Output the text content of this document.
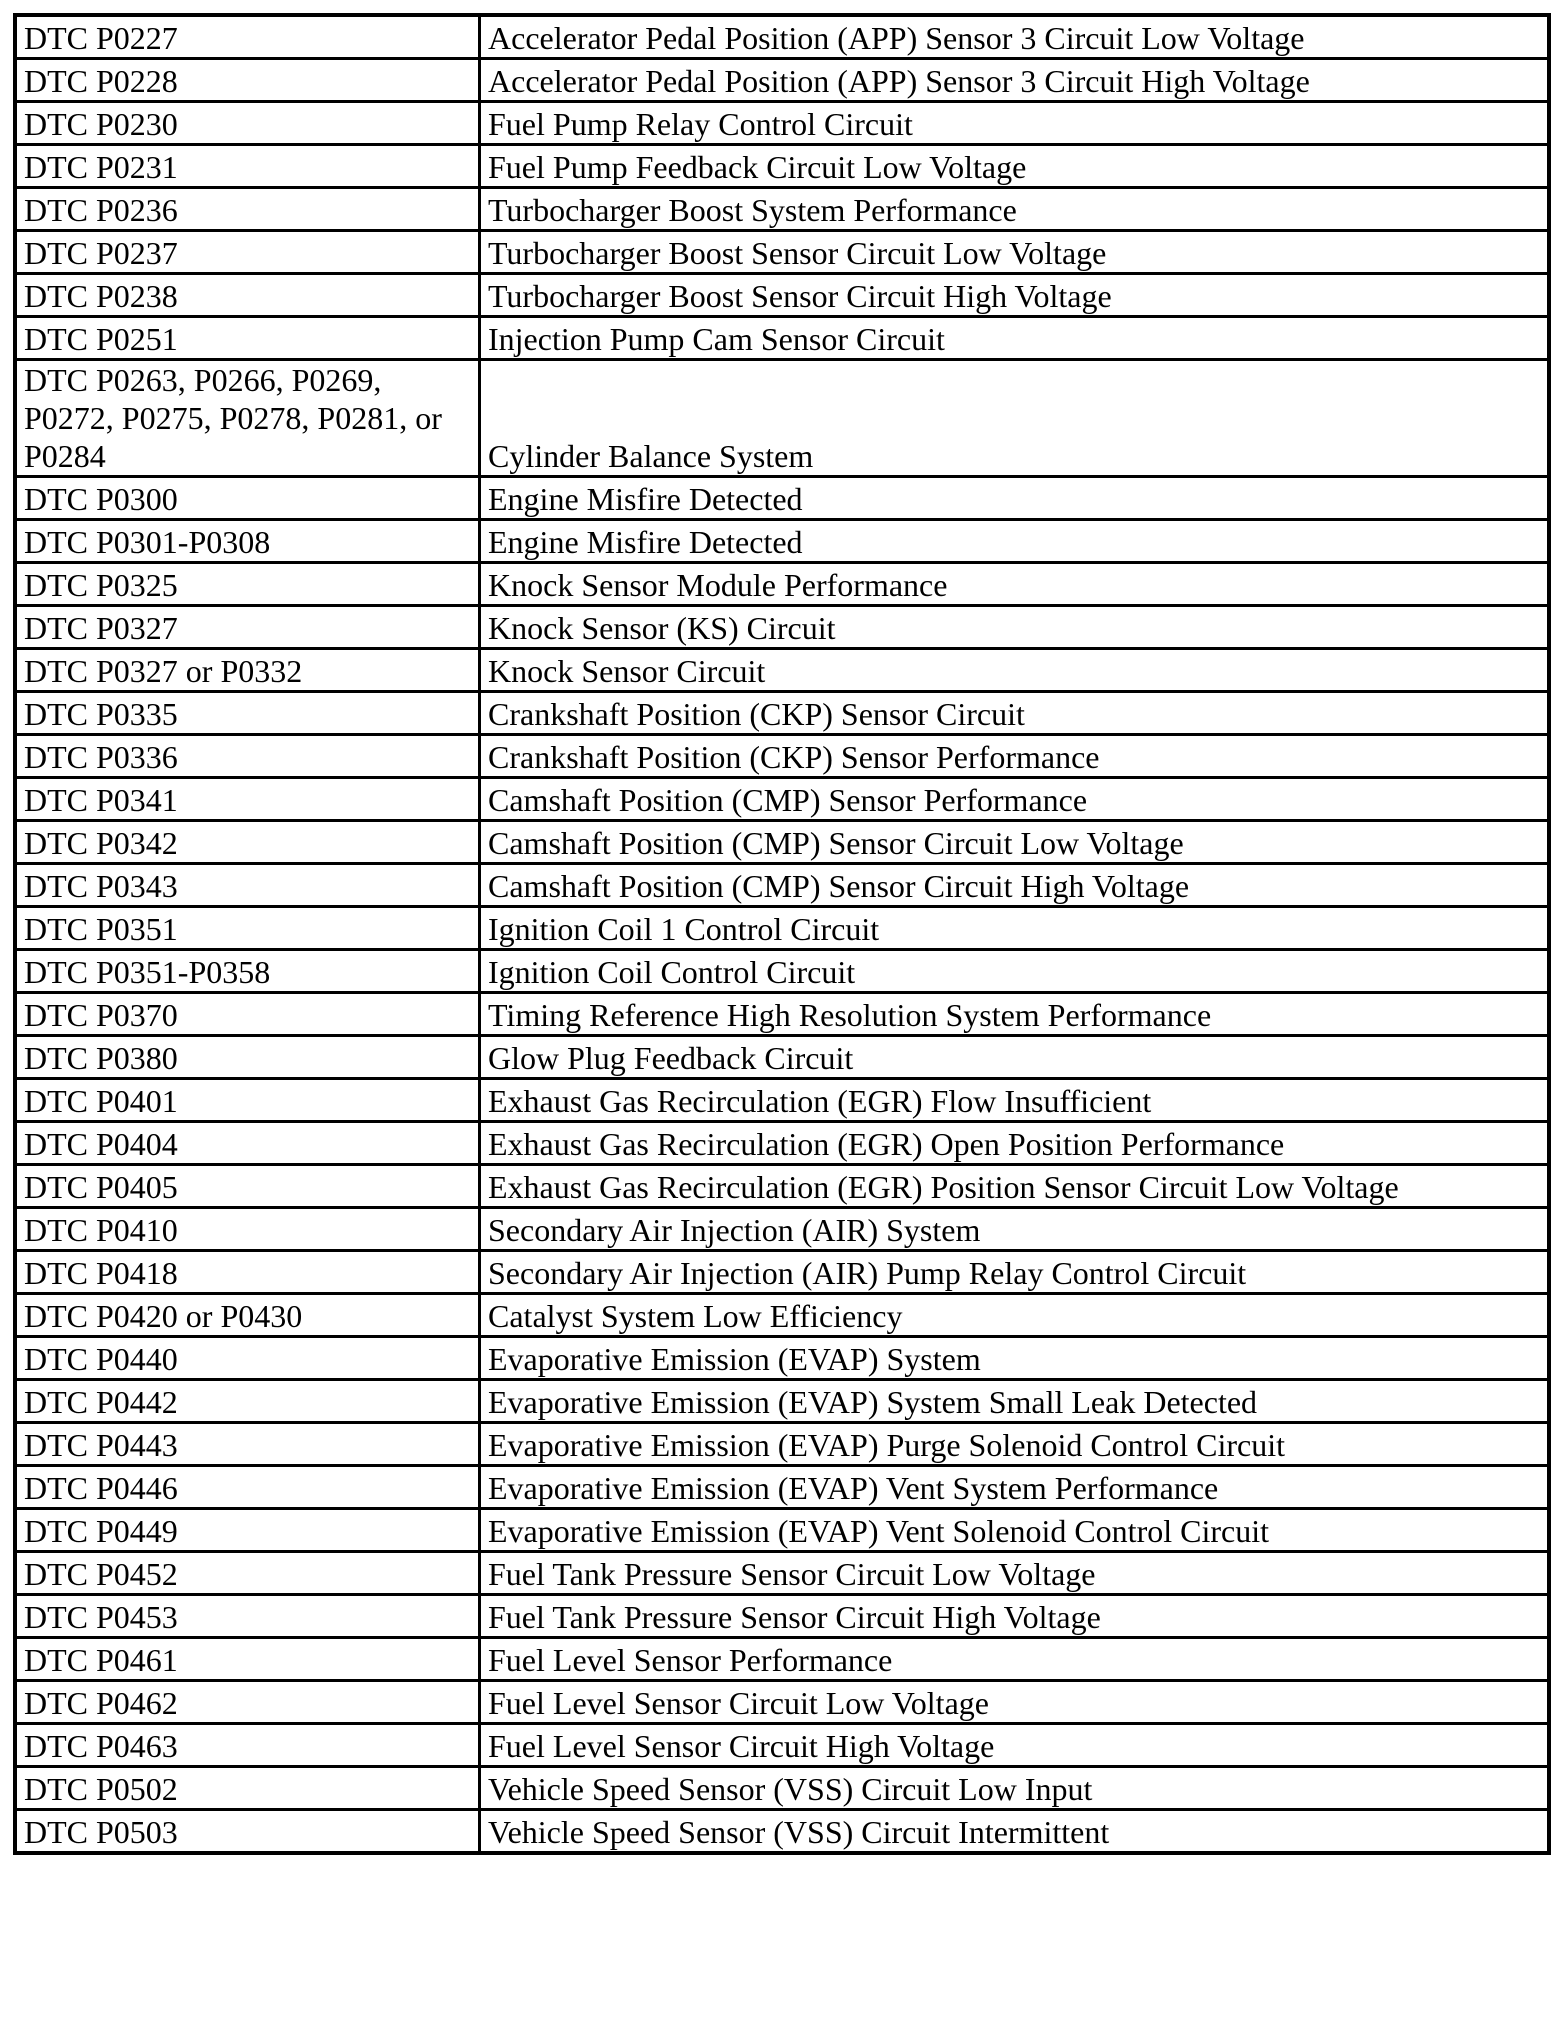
DTC P0227	Accelerator Pedal Position (APP) Sensor 3 Circuit Low Voltage
DTC P0228	Accelerator Pedal Position (APP) Sensor 3 Circuit High Voltage
DTC P0230	Fuel Pump Relay Control Circuit
DTC P0231	Fuel Pump Feedback Circuit Low Voltage
DTC P0236	Turbocharger Boost System Performance
DTC P0237	Turbocharger Boost Sensor Circuit Low Voltage
DTC P0238	Turbocharger Boost Sensor Circuit High Voltage
DTC P0251	Injection Pump Cam Sensor Circuit
DTC P0263, P0266, P0269, P0272, P0275, P0278, P0281, or P0284	Cylinder Balance System
DTC P0300	Engine Misfire Detected
DTC P0301-P0308	Engine Misfire Detected
DTC P0325	Knock Sensor Module Performance
DTC P0327	Knock Sensor (KS) Circuit
DTC P0327 or P0332	Knock Sensor Circuit
DTC P0335	Crankshaft Position (CKP) Sensor Circuit
DTC P0336	Crankshaft Position (CKP) Sensor Performance
DTC P0341	Camshaft Position (CMP) Sensor Performance
DTC P0342	Camshaft Position (CMP) Sensor Circuit Low Voltage
DTC P0343	Camshaft Position (CMP) Sensor Circuit High Voltage
DTC P0351	Ignition Coil 1 Control Circuit
DTC P0351-P0358	Ignition Coil Control Circuit
DTC P0370	Timing Reference High Resolution System Performance
DTC P0380	Glow Plug Feedback Circuit
DTC P0401	Exhaust Gas Recirculation (EGR) Flow Insufficient
DTC P0404	Exhaust Gas Recirculation (EGR) Open Position Performance
DTC P0405	Exhaust Gas Recirculation (EGR) Position Sensor Circuit Low Voltage
DTC P0410	Secondary Air Injection (AIR) System
DTC P0418	Secondary Air Injection (AIR) Pump Relay Control Circuit
DTC P0420 or P0430	Catalyst System Low Efficiency
DTC P0440	Evaporative Emission (EVAP) System
DTC P0442	Evaporative Emission (EVAP) System Small Leak Detected
DTC P0443	Evaporative Emission (EVAP) Purge Solenoid Control Circuit
DTC P0446	Evaporative Emission (EVAP) Vent System Performance
DTC P0449	Evaporative Emission (EVAP) Vent Solenoid Control Circuit
DTC P0452	Fuel Tank Pressure Sensor Circuit Low Voltage
DTC P0453	Fuel Tank Pressure Sensor Circuit High Voltage
DTC P0461	Fuel Level Sensor Performance
DTC P0462	Fuel Level Sensor Circuit Low Voltage
DTC P0463	Fuel Level Sensor Circuit High Voltage
DTC P0502	Vehicle Speed Sensor (VSS) Circuit Low Input
DTC P0503	Vehicle Speed Sensor (VSS) Circuit Intermittent
